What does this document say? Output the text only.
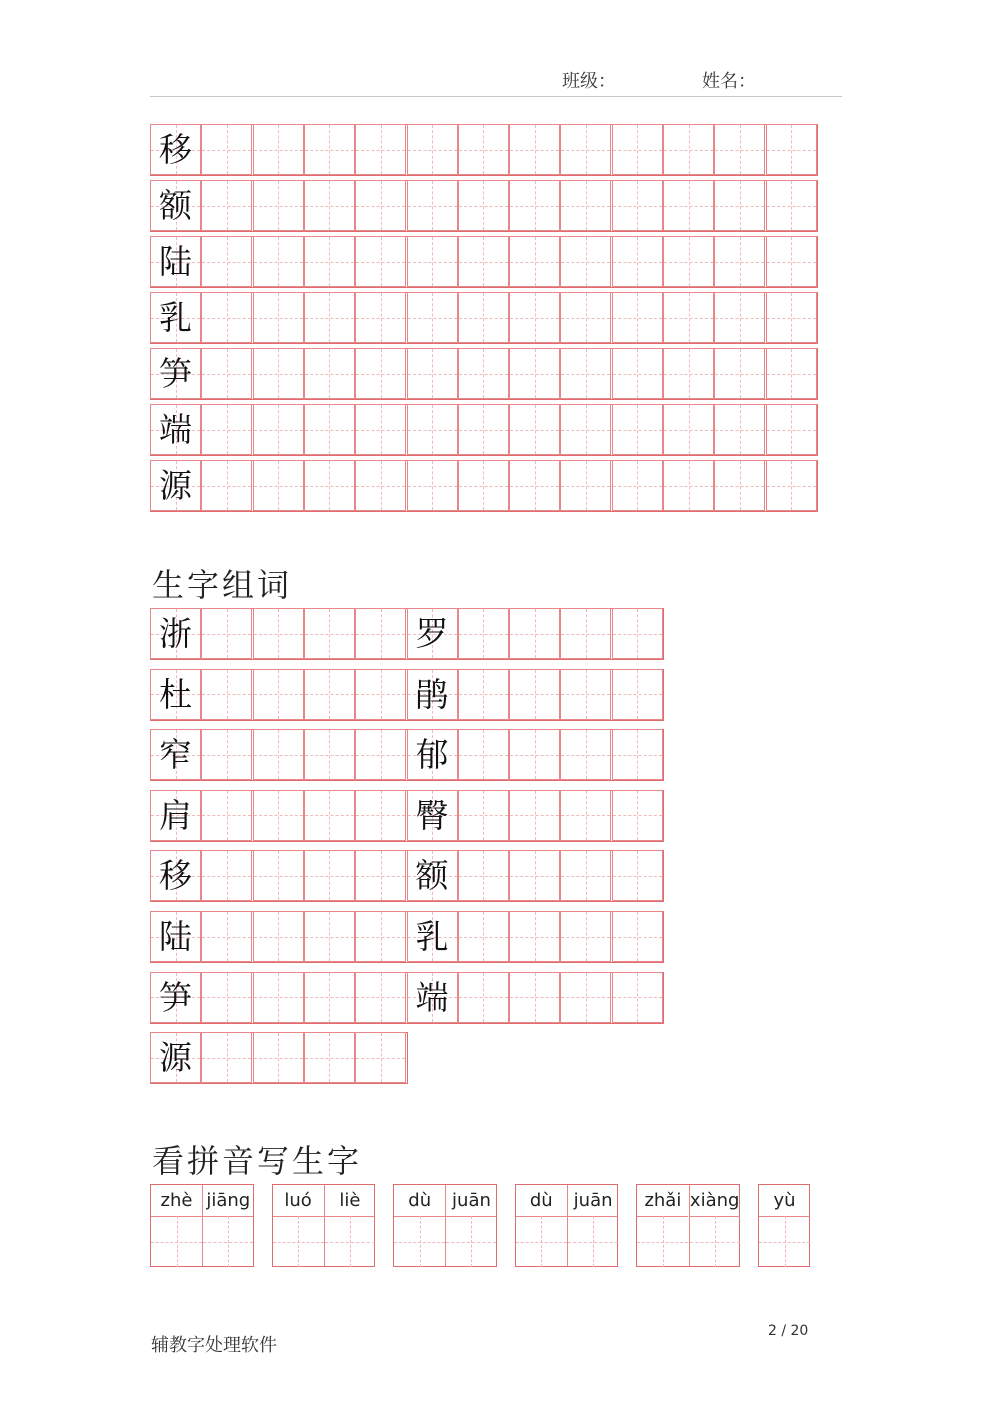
班级：	姓名：
移
额
陆
乳
笋
端
源
生字组词
浙	罗
杜	鹃
窄	郁
肩	臀
移	额
陆	乳
笋	端
源
看拼音写生字
zhè jiāng	luó	liè	dù	juān	dù	juān	zhǎi xiàng	yù
辅教字处理软件
2 / 20
